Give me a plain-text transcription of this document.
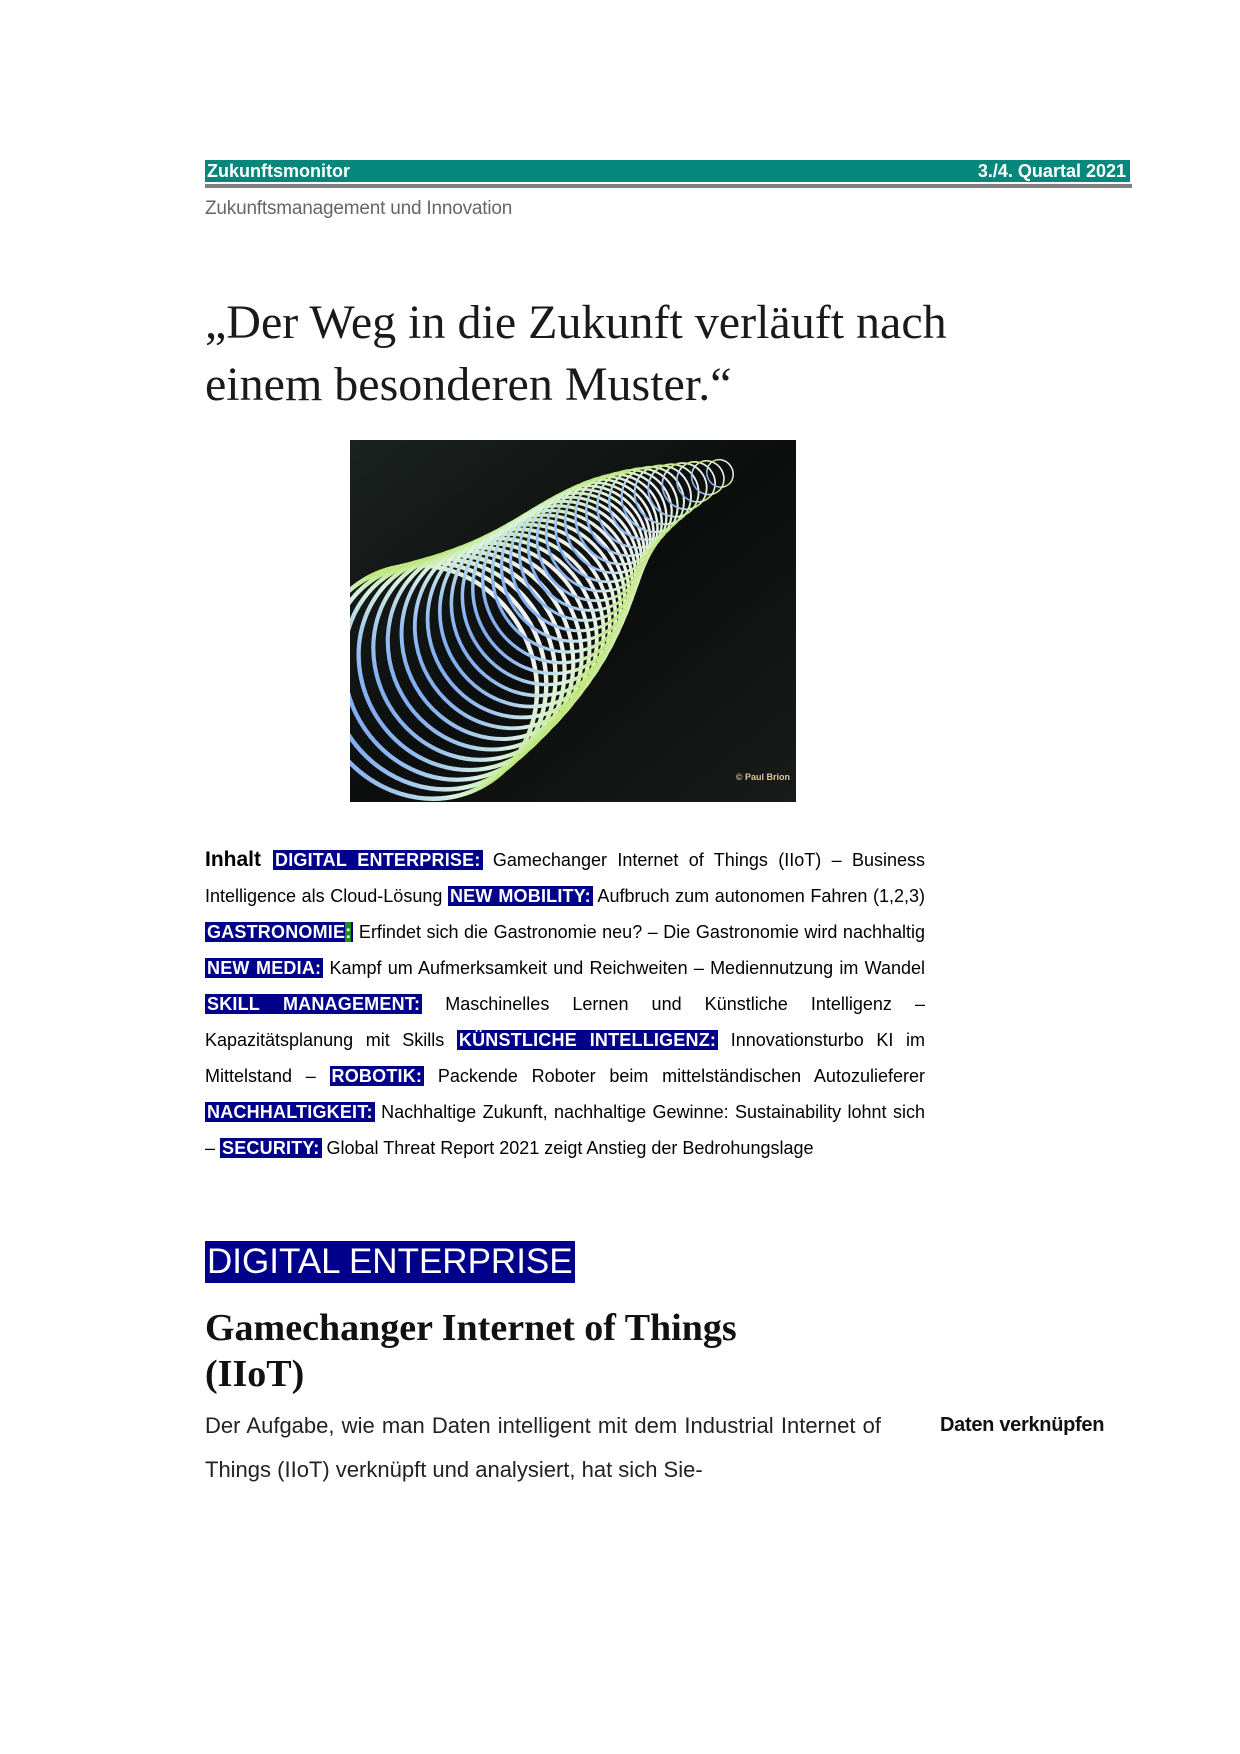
Zukunftsmonitor	3./4. Quartal 2021
Zukunftsmanagement und Innovation
„Der Weg in die Zukunft verläuft nach
einem besonderen Muster.“
© Paul Brion
Inhalt DIGITAL ENTERPRISE: Gamechanger Internet of Things (IIoT) – Business Intelligence als Cloud-Lösung NEW MOBILITY: Aufbruch zum autonomen Fahren (1,2,3) GASTRONOMIE: Erfindet sich die Gastronomie neu? – Die Gastronomie wird nachhaltig NEW MEDIA: Kampf um Aufmerksamkeit und Reichweiten – Mediennutzung im Wandel SKILL MANAGEMENT: Maschinelles Lernen und Künstliche Intelligenz – Kapazitätsplanung mit Skills KÜNSTLICHE INTELLIGENZ: Innovationsturbo KI im Mittelstand – ROBOTIK: Packende Roboter beim mittelständischen Autozulieferer NACHHALTIGKEIT: Nachhaltige Zukunft, nachhaltige Gewinne: Sustainability lohnt sich – SECURITY: Global Threat Report 2021 zeigt Anstieg der Bedrohungslage
DIGITAL ENTERPRISE
Gamechanger Internet of Things
(IIoT)

Der Aufgabe, wie man Daten intelligent mit dem Industrial Internet of Things (IIoT) verknüpft und analysiert, hat sich Sie-

Daten verknüpfen
